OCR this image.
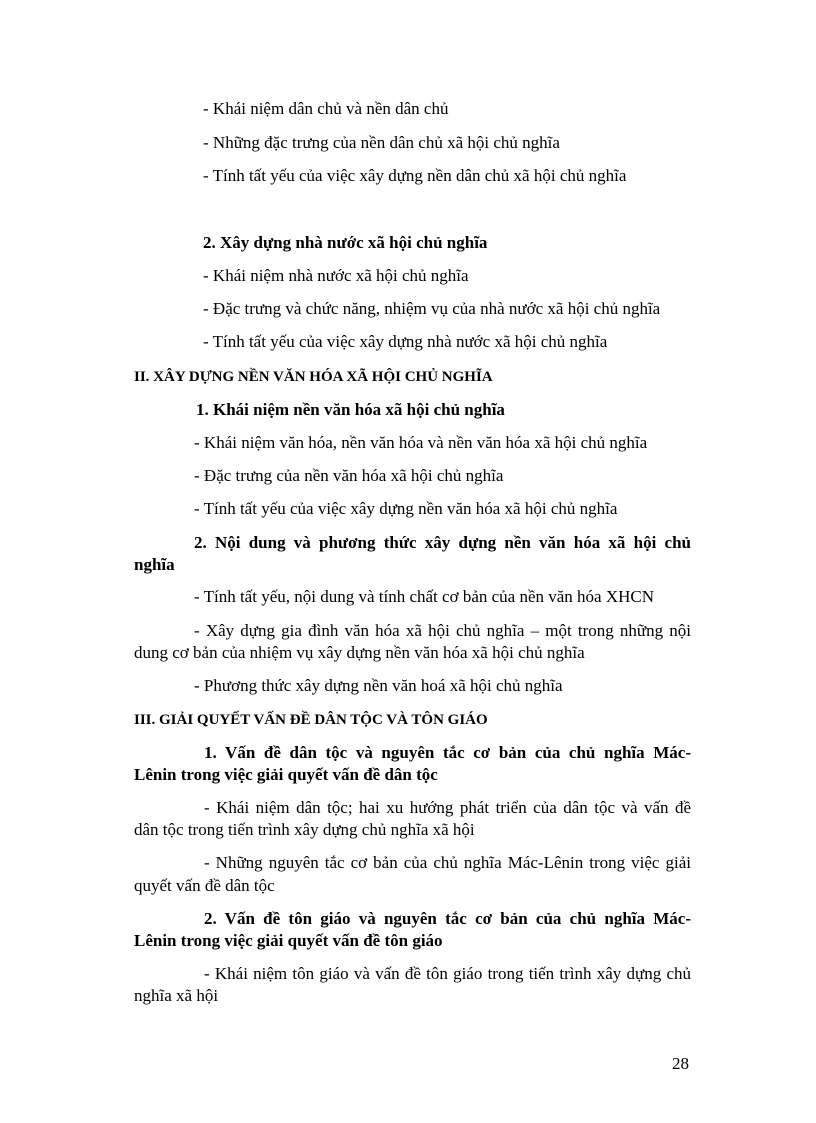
- Khái niệm dân chủ và nền dân chủ

- Những đặc trưng của nền dân chủ xã hội chủ nghĩa

- Tính tất yếu của việc xây dựng nền dân chủ xã hội chủ nghĩa

2. Xây dựng nhà nước xã hội chủ nghĩa

- Khái niệm nhà nước xã hội chủ nghĩa

- Đặc trưng và chức năng, nhiệm vụ của nhà nước xã hội chủ nghĩa

- Tính tất yếu của việc xây dựng nhà nước xã hội chủ nghĩa

II. XÂY DỰNG NỀN VĂN HÓA XÃ HỘI CHỦ NGHĨA

1. Khái niệm nền văn hóa xã hội chủ nghĩa

- Khái niệm văn hóa, nền văn hóa và nền văn hóa xã hội chủ nghĩa

- Đặc trưng của nền văn hóa xã hội chủ nghĩa

- Tính tất yếu của việc xây dựng nền văn hóa xã hội chủ nghĩa

2. Nội dung và phương thức xây dựng nền văn hóa xã hội chủ

nghĩa

- Tính tất yếu, nội dung và tính chất cơ bản của nền văn hóa XHCN

- Xây dựng gia đình văn hóa xã hội chủ nghĩa – một trong những nội

dung cơ bản của nhiệm vụ xây dựng nền văn hóa xã hội chủ nghĩa

- Phương thức xây dựng nền văn hoá xã hội chủ nghĩa

III. GIẢI QUYẾT VẤN ĐỀ DÂN TỘC VÀ TÔN GIÁO

1. Vấn đề dân tộc và nguyên tắc cơ bản của chủ nghĩa Mác-

Lênin trong việc giải quyết vấn đề dân tộc

- Khái niệm dân tộc; hai xu hướng phát triển của dân tộc và vấn đề

dân tộc trong tiến trình xây dựng chủ nghĩa xã hội

- Những nguyên tắc cơ bản của chủ nghĩa Mác-Lênin trong việc giải

quyết vấn đề dân tộc

2. Vấn đề tôn giáo và nguyên tắc cơ bản của chủ nghĩa Mác-

Lênin trong việc giải quyết vấn đề tôn giáo

- Khái niệm tôn giáo và vấn đề tôn giáo trong tiến trình xây dựng chủ

nghĩa xã hội

28
